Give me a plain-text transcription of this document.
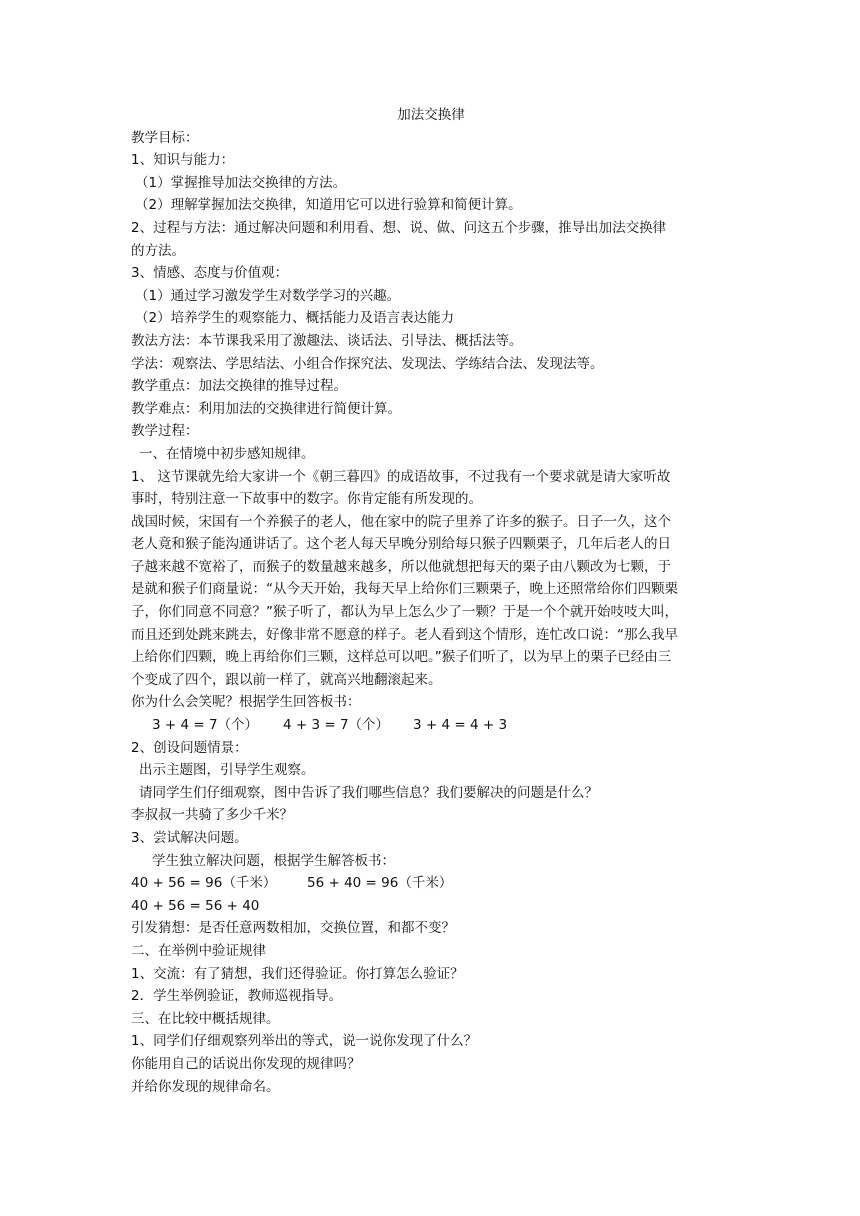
加法交换律
教学目标：
1、知识与能力：
（1）掌握推导加法交换律的方法。
（2）理解掌握加法交换律，知道用它可以进行验算和简便计算。
2、过程与方法：通过解决问题和利用看、想、说、做、问这五个步骤，推导出加法交换律
的方法。
3、情感、态度与价值观：
（1）通过学习激发学生对数学学习的兴趣。
（2）培养学生的观察能力、概括能力及语言表达能力
教法方法：本节课我采用了激趣法、谈话法、引导法、概括法等。
学法：观察法、学思结法、小组合作探究法、发现法、学练结合法、发现法等。
教学重点：加法交换律的推导过程。
教学难点：利用加法的交换律进行简便计算。
教学过程：
一、在情境中初步感知规律。
1、 这节课就先给大家讲一个《朝三暮四》的成语故事，不过我有一个要求就是请大家听故
事时，特别注意一下故事中的数字。你肯定能有所发现的。
战国时候，宋国有一个养猴子的老人，他在家中的院子里养了许多的猴子。日子一久，这个
老人竟和猴子能沟通讲话了。这个老人每天早晚分别给每只猴子四颗栗子，几年后老人的日
子越来越不宽裕了，而猴子的数量越来越多，所以他就想把每天的栗子由八颗改为七颗，于
是就和猴子们商量说：“从今天开始，我每天早上给你们三颗栗子，晚上还照常给你们四颗栗
子，你们同意不同意？”猴子听了，都认为早上怎么少了一颗？于是一个个就开始吱吱大叫，
而且还到处跳来跳去，好像非常不愿意的样子。老人看到这个情形，连忙改口说：“那么我早
上给你们四颗，晚上再给你们三颗，这样总可以吧。”猴子们听了，以为早上的栗子已经由三
个变成了四个，跟以前一样了，就高兴地翻滚起来。
你为什么会笑呢？根据学生回答板书：
3 + 4 = 7（个） 4 + 3 = 7（个） 3 + 4 = 4 + 3
2、创设问题情景：
出示主题图，引导学生观察。
请同学生们仔细观察，图中告诉了我们哪些信息？我们要解决的问题是什么？
李叔叔一共骑了多少千米？
3、尝试解决问题。
学生独立解决问题，根据学生解答板书：
40 + 56 = 96（千米） 56 + 40 = 96（千米）
40 + 56 = 56 + 40
引发猜想：是否任意两数相加，交换位置，和都不变？
二、在举例中验证规律
1、交流：有了猜想，我们还得验证。你打算怎么验证？
2．学生举例验证，教师巡视指导。
三、在比较中概括规律。
1、同学们仔细观察列举出的等式，说一说你发现了什么？
你能用自己的话说出你发现的规律吗？
并给你发现的规律命名。
